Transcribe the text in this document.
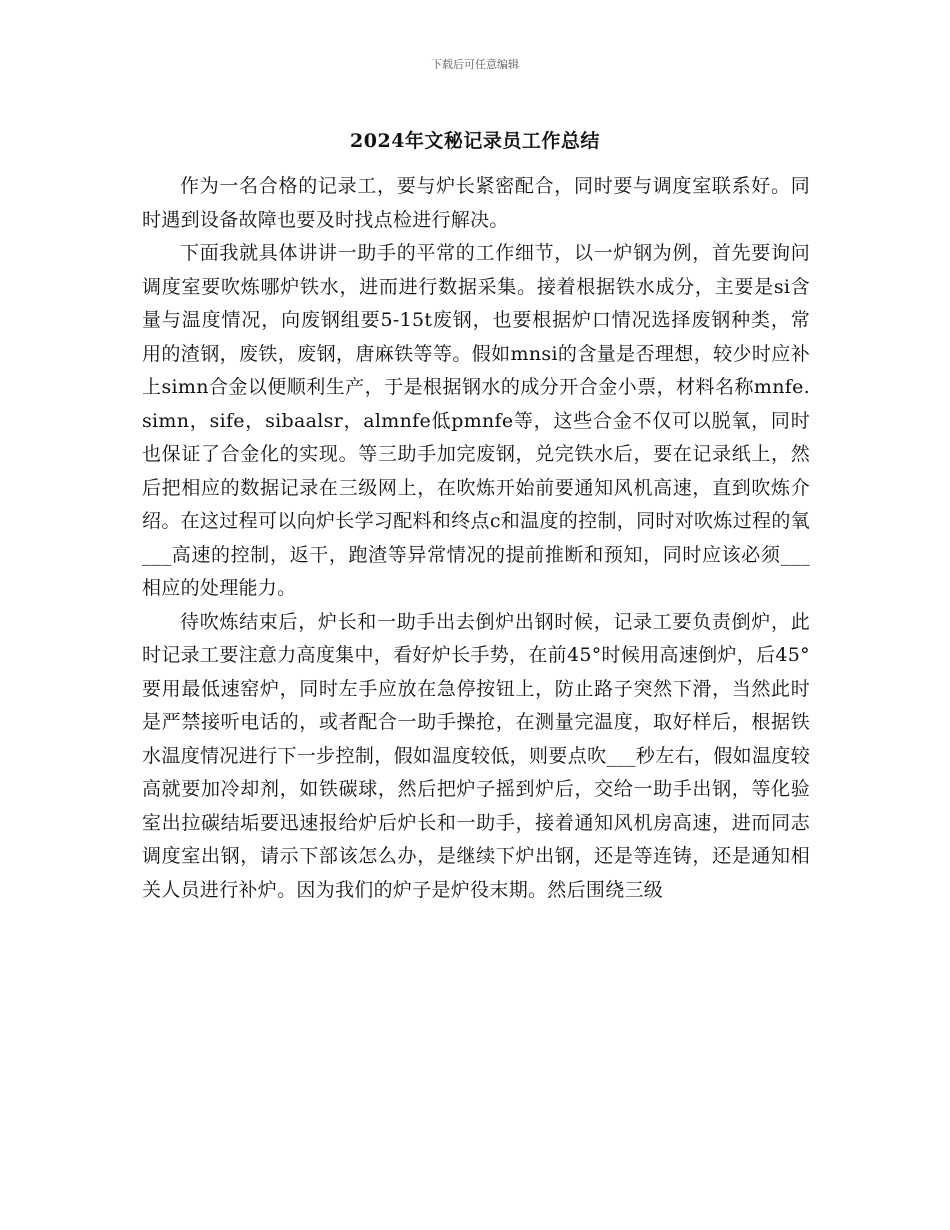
下载后可任意编辑
2024年文秘记录员工作总结

作为一名合格的记录工，要与炉长紧密配合，同时要与调度室联系好。同时遇到设备故障也要及时找点检进行解决。

下面我就具体讲讲一助手的平常的工作细节，以一炉钢为例，首先要询问调度室要吹炼哪炉铁水，进而进行数据采集。接着根据铁水成分，主要是si含量与温度情况，向废钢组要5-15t废钢，也要根据炉口情况选择废钢种类，常用的渣钢，废铁，废钢，唐麻铁等等。假如mnsi的含量是否理想，较少时应补上simn合金以便顺利生产，于是根据钢水的成分开合金小票，材料名称mnfe.simn，sife，sibaalsr，almnfe低pmnfe等，这些合金不仅可以脱氧，同时也保证了合金化的实现。等三助手加完废钢，兑完铁水后，要在记录纸上，然后把相应的数据记录在三级网上，在吹炼开始前要通知风机高速，直到吹炼介绍。在这过程可以向炉长学习配料和终点c和温度的控制，同时对吹炼过程的氧___高速的控制，返干，跑渣等异常情况的提前推断和预知，同时应该必须___相应的处理能力。

待吹炼结束后，炉长和一助手出去倒炉出钢时候，记录工要负责倒炉，此时记录工要注意力高度集中，看好炉长手势，在前45°时候用高速倒炉，后45°要用最低速窑炉，同时左手应放在急停按钮上，防止路子突然下滑，当然此时是严禁接听电话的，或者配合一助手操抢，在测量完温度，取好样后，根据铁水温度情况进行下一步控制，假如温度较低，则要点吹___秒左右，假如温度较高就要加冷却剂，如铁碳球，然后把炉子摇到炉后，交给一助手出钢，等化验室出拉碳结垢要迅速报给炉后炉长和一助手，接着通知风机房高速，进而同志调度室出钢，请示下部该怎么办，是继续下炉出钢，还是等连铸，还是通知相关人员进行补炉。因为我们的炉子是炉役末期。然后围绕三级
